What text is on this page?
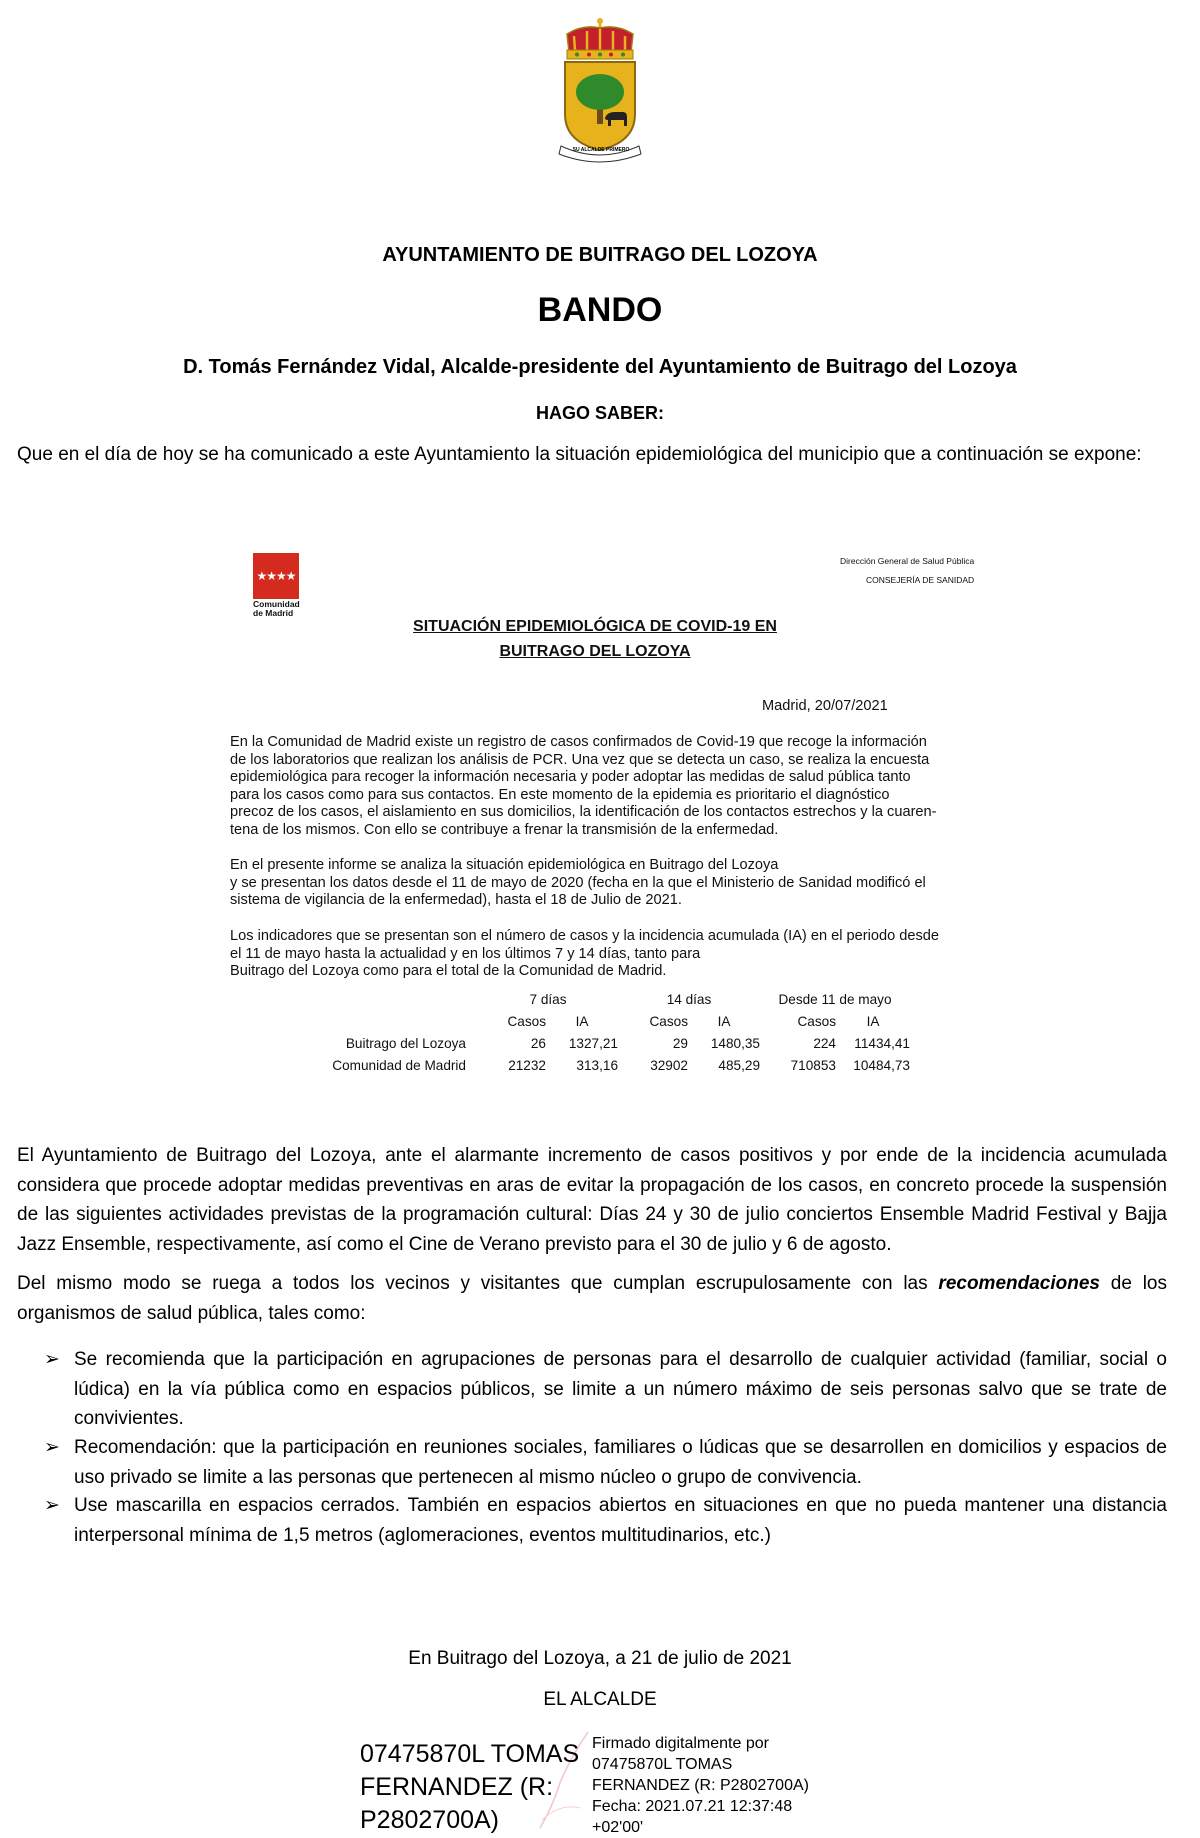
SU ALCALDE PRIMERO
AYUNTAMIENTO DE BUITRAGO DEL LOZOYA
BANDO
D. Tomás Fernández Vidal, Alcalde-presidente del Ayuntamiento de Buitrago del Lozoya
HAGO SABER:
Que en el día de hoy se ha comunicado a este Ayuntamiento la situación epidemiológica del municipio que a continuación se expone:
★★★★
Comunidad
de Madrid
Dirección General de Salud Pública
CONSEJERÍA DE SANIDAD
SITUACIÓN EPIDEMIOLÓGICA DE COVID-19 EN
BUITRAGO DEL LOZOYA
Madrid, 20/07/2021
En la Comunidad de Madrid existe un registro de casos confirmados de Covid-19 que recoge la información
de los laboratorios que realizan los análisis de PCR. Una vez que se detecta un caso, se realiza la encuesta
epidemiológica para recoger la información necesaria y poder adoptar las medidas de salud pública tanto
para los casos como para sus contactos. En este momento de la epidemia es prioritario el diagnóstico
precoz de los casos, el aislamiento en sus domicilios, la identificación de los contactos estrechos y la cuaren-
tena de los mismos. Con ello se contribuye a frenar la transmisión de la enfermedad.
En el presente informe se analiza la situación epidemiológica en Buitrago del Lozoya
y se presentan los datos desde el 11 de mayo de 2020 (fecha en la que el Ministerio de Sanidad modificó el
sistema de vigilancia de la enfermedad), hasta el 18 de Julio de 2021.
Los indicadores que se presentan son el número de casos y la incidencia acumulada (IA) en el periodo desde
el 11 de mayo hasta la actualidad y en los últimos 7 y 14 días, tanto para
Buitrago del Lozoya como para el total de la Comunidad de Madrid.
	7 días		14 días		Desde 11 de mayo	
	Casos	IA	Casos	IA	Casos	IA
Buitrago del Lozoya	26	1327,21	29	1480,35	224	11434,41
Comunidad de Madrid	21232	313,16	32902	485,29	710853	10484,73
El Ayuntamiento de Buitrago del Lozoya, ante el alarmante incremento de casos positivos y por ende de la incidencia acumulada considera que procede adoptar medidas preventivas en aras de evitar la propagación de los casos, en concreto procede la suspensión de las siguientes actividades previstas de la programación cultural: Días 24 y 30 de julio conciertos Ensemble Madrid Festival y Bajja Jazz Ensemble, respectivamente, así como el Cine de Verano previsto para el 30 de julio y 6 de agosto.
Del mismo modo se ruega a todos los vecinos y visitantes que cumplan escrupulosamente con las recomendaciones de los organismos de salud pública, tales como:
➢ Se recomienda que la participación en agrupaciones de personas para el desarrollo de cualquier actividad (familiar, social o lúdica) en la vía pública como en espacios públicos, se limite a un número máximo de seis personas salvo que se trate de convivientes.
➢ Recomendación: que la participación en reuniones sociales, familiares o lúdicas que se desarrollen en domicilios y espacios de uso privado se limite a las personas que pertenecen al mismo núcleo o grupo de convivencia.
➢ Use mascarilla en espacios cerrados. También en espacios abiertos en situaciones en que no pueda mantener una distancia interpersonal mínima de 1,5 metros (aglomeraciones, eventos multitudinarios, etc.)
En Buitrago del Lozoya, a 21 de julio de 2021
EL ALCALDE
07475870L TOMAS
FERNANDEZ (R:
P2802700A)
Firmado digitalmente por
07475870L TOMAS
FERNANDEZ (R: P2802700A)
Fecha: 2021.07.21 12:37:48
+02'00'
